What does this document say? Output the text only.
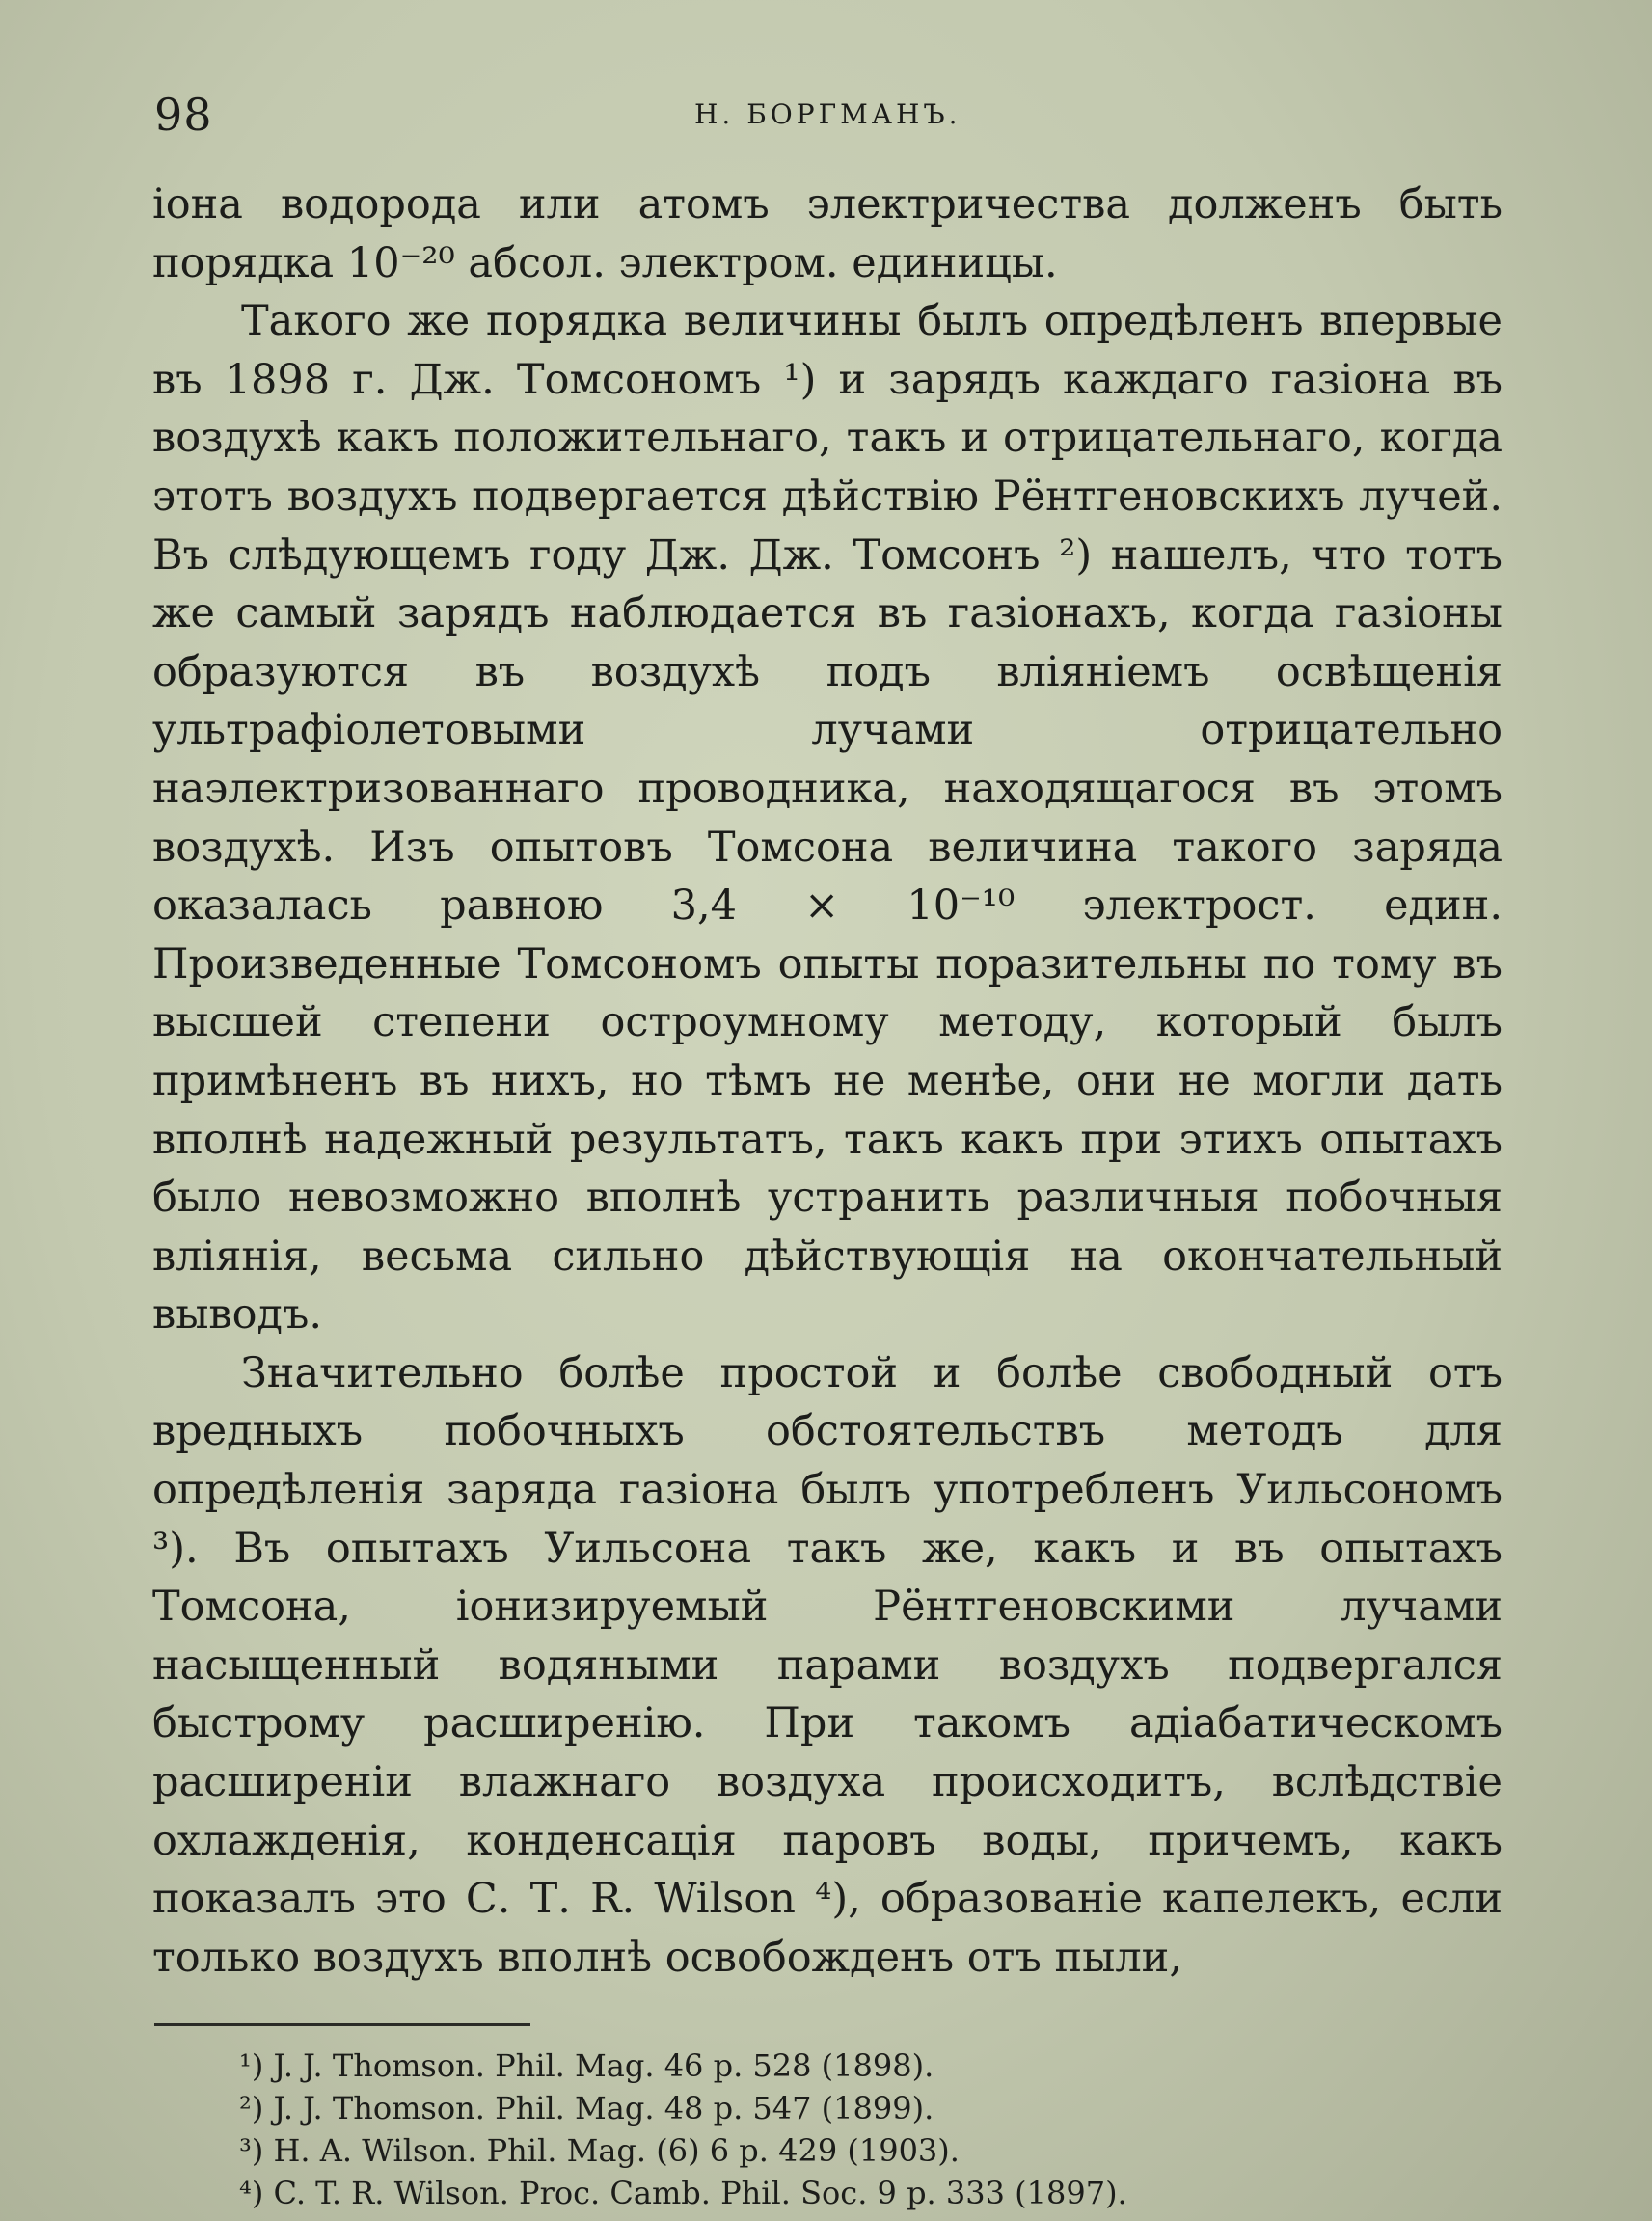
98	Н. БОРГМАНЪ.

іона водорода или атомъ электричества долженъ быть порядка 10⁻²⁰ абсол. электром. единицы.

Такого же порядка величины былъ опредѣленъ впервые въ 1898 г. Дж. Томсономъ ¹) и зарядъ каждаго газіона въ воздухѣ какъ положительнаго, такъ и отрицательнаго, когда этотъ воздухъ подвергается дѣйствію Рёнтгеновскихъ лучей. Въ слѣдующемъ году Дж. Дж. Томсонъ ²) нашелъ, что тотъ же самый зарядъ наблюдается въ газіонахъ, когда газіоны образуются въ воздухѣ подъ вліяніемъ освѣщенія ультрафіолетовыми лучами отрицательно наэлектризованнаго проводника, находящагося въ этомъ воздухѣ. Изъ опытовъ Томсона величина такого заряда оказалась равною 3,4 × 10⁻¹⁰ электрост. един. Произведенные Томсономъ опыты поразительны по тому въ высшей степени остроумному методу, который былъ примѣненъ въ нихъ, но тѣмъ не менѣе, они не могли дать вполнѣ надежный результатъ, такъ какъ при этихъ опытахъ было невозможно вполнѣ устранить различныя побочныя вліянія, весьма сильно дѣйствующія на окончательный выводъ.

Значительно болѣе простой и болѣе свободный отъ вредныхъ побочныхъ обстоятельствъ методъ для опредѣленія заряда газіона былъ употребленъ Уильсономъ ³). Въ опытахъ Уильсона такъ же, какъ и въ опытахъ Томсона, іонизируемый Рёнтгеновскими лучами насыщенный водяными парами воздухъ подвергался быстрому расширенію. При такомъ адіабатическомъ расширеніи влажнаго воздуха происходитъ, вслѣдствіе охлажденія, конденсація паровъ воды, причемъ, какъ показалъ это С. Т. R. Wilson ⁴), образованіе капелекъ, если только воздухъ вполнѣ освобожденъ отъ пыли,

¹) J. J. Thomson. Phil. Mag. 46 p. 528 (1898).
²) J. J. Thomson. Phil. Mag. 48 p. 547 (1899).
³) H. A. Wilson. Phil. Mag. (6) 6 p. 429 (1903).
⁴) C. T. R. Wilson. Proc. Camb. Phil. Soc. 9 p. 333 (1897).
